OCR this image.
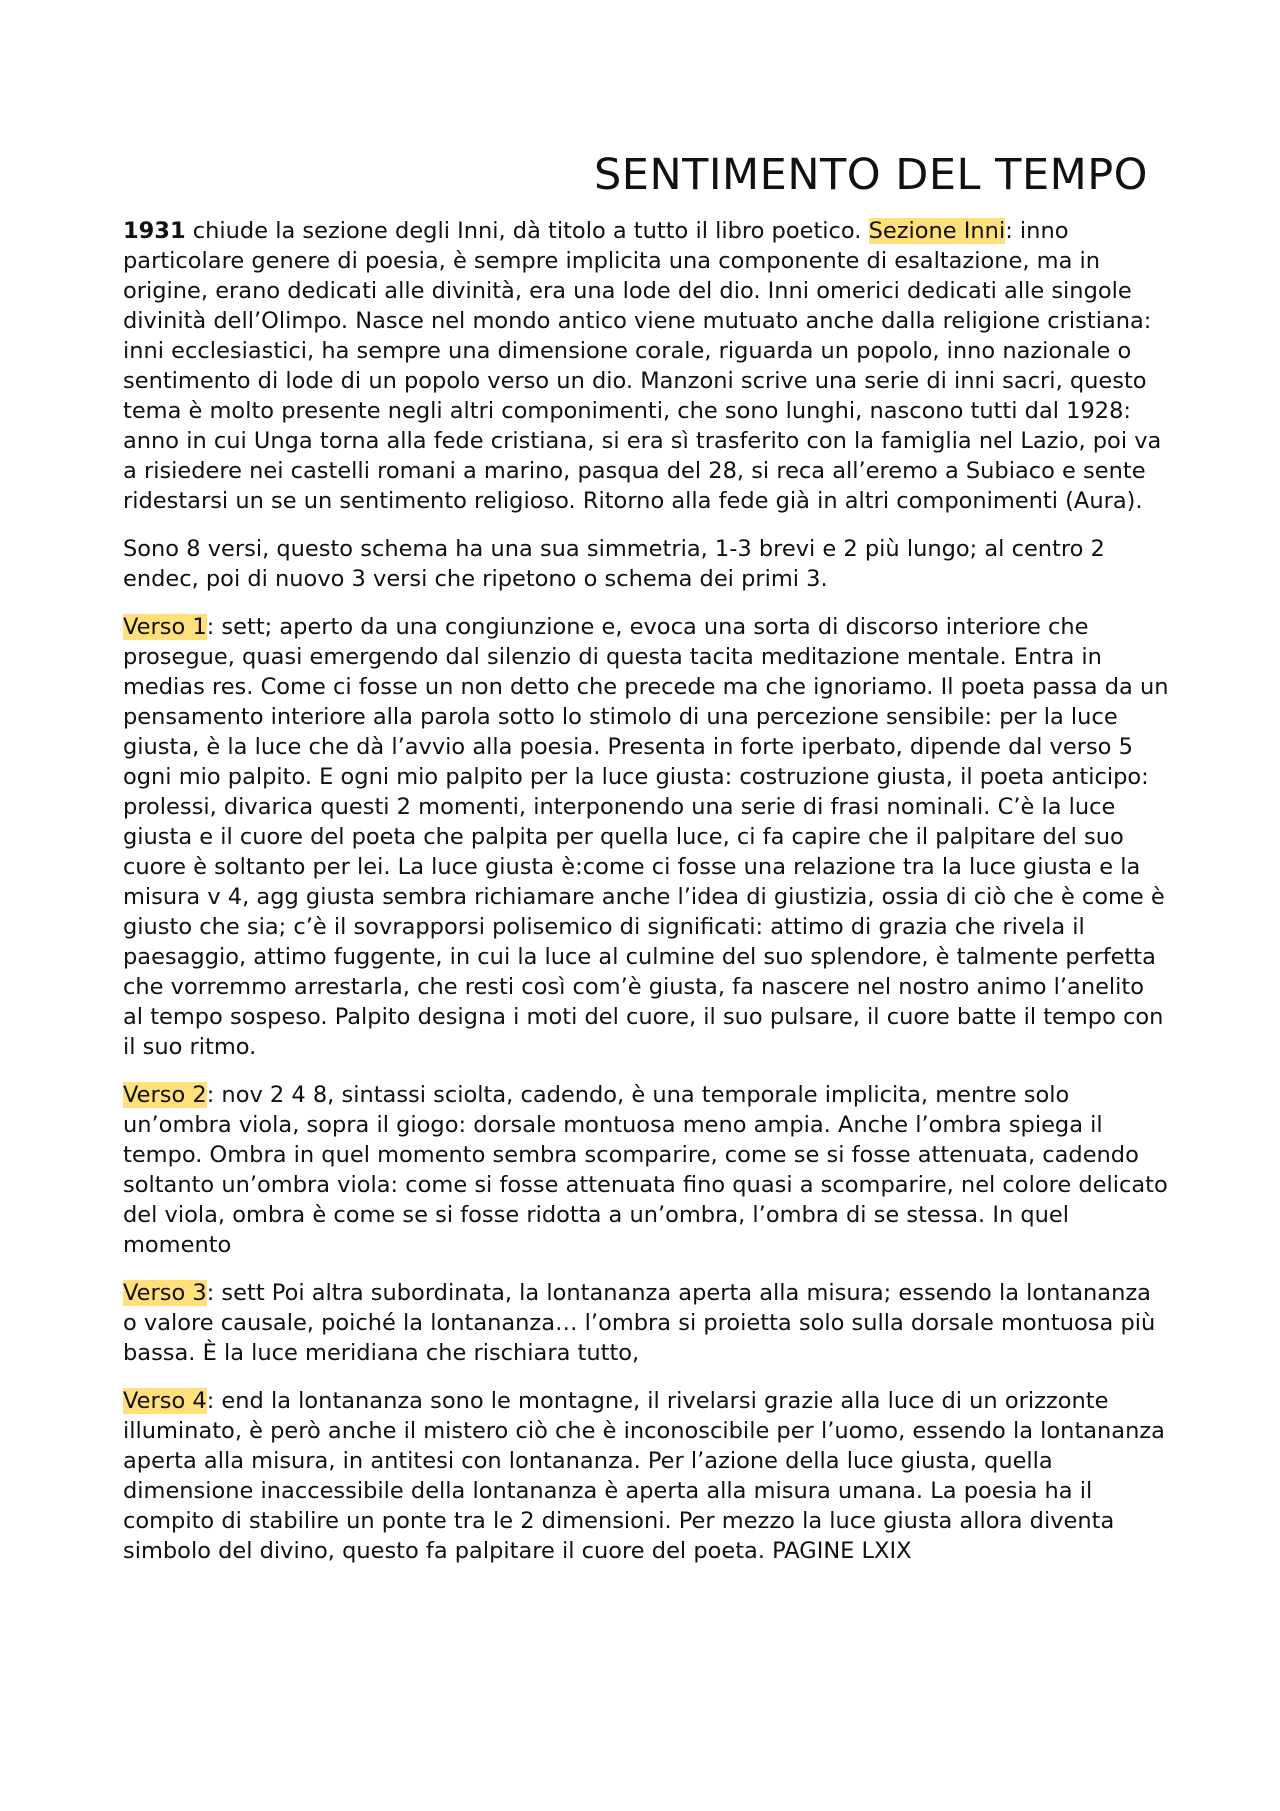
SENTIMENTO DEL TEMPO

1931 chiude la sezione degli Inni, dà titolo a tutto il libro poetico. Sezione Inni: inno particolare genere di poesia, è sempre implicita una componente di esaltazione, ma in origine, erano dedicati alle divinità, era una lode del dio. Inni omerici dedicati alle singole divinità dell’Olimpo. Nasce nel mondo antico viene mutuato anche dalla religione cristiana: inni ecclesiastici, ha sempre una dimensione corale, riguarda un popolo, inno nazionale o sentimento di lode di un popolo verso un dio. Manzoni scrive una serie di inni sacri, questo tema è molto presente negli altri componimenti, che sono lunghi, nascono tutti dal 1928: anno in cui Unga torna alla fede cristiana, si era sì trasferito con la famiglia nel Lazio, poi va a risiedere nei castelli romani a marino, pasqua del 28, si reca all’eremo a Subiaco e sente ridestarsi un se un sentimento religioso. Ritorno alla fede già in altri componimenti (Aura).

Sono 8 versi, questo schema ha una sua simmetria, 1-3 brevi e 2 più lungo; al centro 2 endec, poi di nuovo 3 versi che ripetono o schema dei primi 3.

Verso 1: sett; aperto da una congiunzione e, evoca una sorta di discorso interiore che prosegue, quasi emergendo dal silenzio di questa tacita meditazione mentale. Entra in medias res. Come ci fosse un non detto che precede ma che ignoriamo. Il poeta passa da un pensamento interiore alla parola sotto lo stimolo di una percezione sensibile: per la luce giusta, è la luce che dà l’avvio alla poesia. Presenta in forte iperbato, dipende dal verso 5 ogni mio palpito. E ogni mio palpito per la luce giusta: costruzione giusta, il poeta anticipo: prolessi, divarica questi 2 momenti, interponendo una serie di frasi nominali. C’è la luce giusta e il cuore del poeta che palpita per quella luce, ci fa capire che il palpitare del suo cuore è soltanto per lei. La luce giusta è:come ci fosse una relazione tra la luce giusta e la misura v 4, agg giusta sembra richiamare anche l’idea di giustizia, ossia di ciò che è come è giusto che sia; c’è il sovrapporsi polisemico di significati: attimo di grazia che rivela il paesaggio, attimo fuggente, in cui la luce al culmine del suo splendore, è talmente perfetta che vorremmo arrestarla, che resti così com’è giusta, fa nascere nel nostro animo l’anelito al tempo sospeso. Palpito designa i moti del cuore, il suo pulsare, il cuore batte il tempo con il suo ritmo.

Verso 2: nov 2 4 8, sintassi sciolta, cadendo, è una temporale implicita, mentre solo un’ombra viola, sopra il giogo: dorsale montuosa meno ampia. Anche l’ombra spiega il tempo. Ombra in quel momento sembra scomparire, come se si fosse attenuata, cadendo soltanto un’ombra viola: come si fosse attenuata fino quasi a scomparire, nel colore delicato del viola, ombra è come se si fosse ridotta a un’ombra, l’ombra di se stessa. In quel momento

Verso 3: sett Poi altra subordinata, la lontananza aperta alla misura; essendo la lontananza o valore causale, poiché la lontananza… l’ombra si proietta solo sulla dorsale montuosa più bassa. È la luce meridiana che rischiara tutto,

Verso 4: end la lontananza sono le montagne, il rivelarsi grazie alla luce di un orizzonte illuminato, è però anche il mistero ciò che è inconoscibile per l’uomo, essendo la lontananza aperta alla misura, in antitesi con lontananza. Per l’azione della luce giusta, quella dimensione inaccessibile della lontananza è aperta alla misura umana. La poesia ha il compito di stabilire un ponte tra le 2 dimensioni. Per mezzo la luce giusta allora diventa simbolo del divino, questo fa palpitare il cuore del poeta. PAGINE LXIX
